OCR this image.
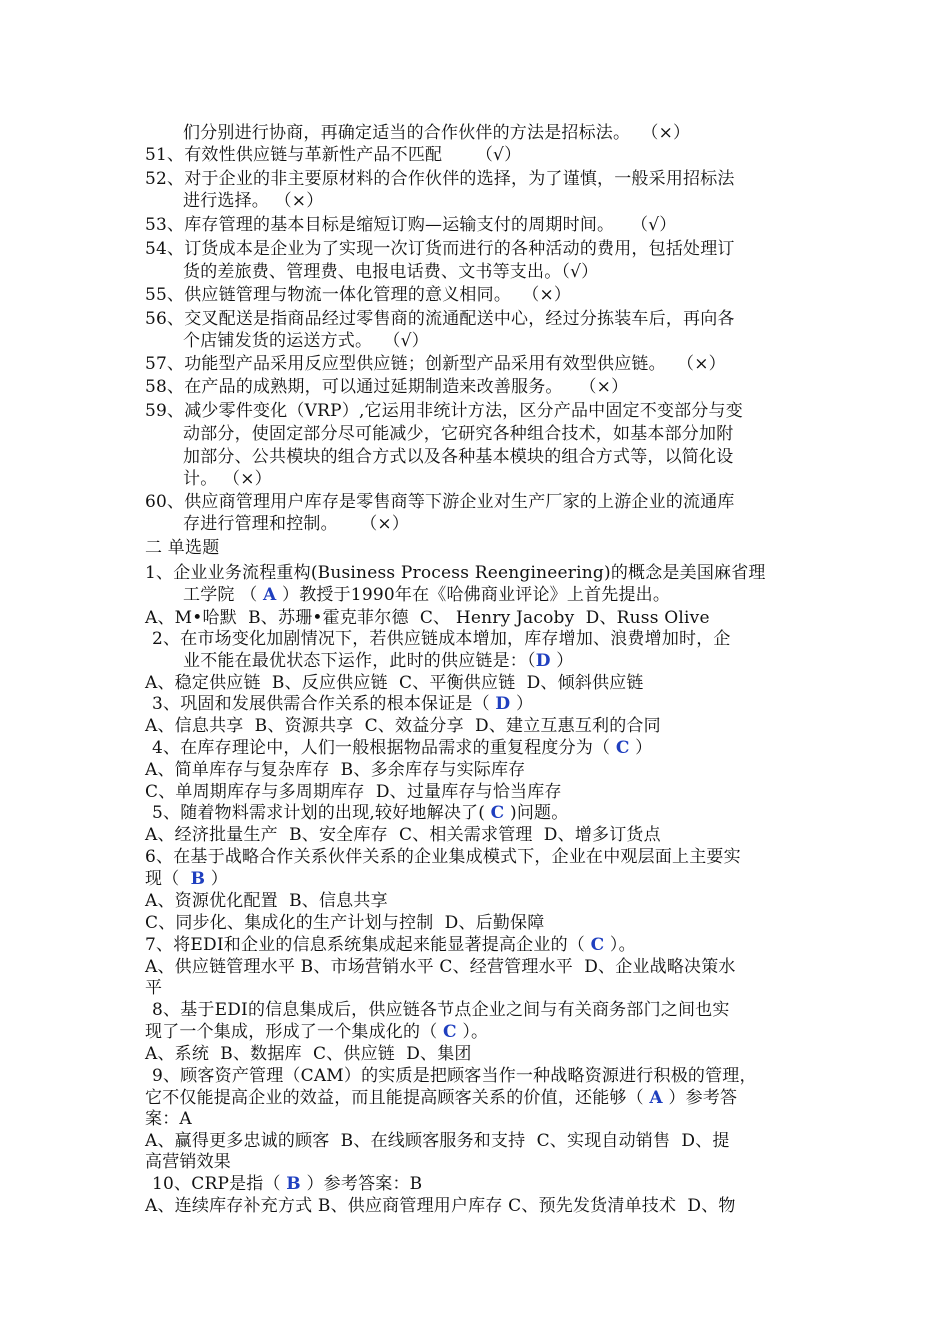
们分别进行协商，再确定适当的合作伙伴的方法是招标法。  （×）
51、有效性供应链与革新性产品不匹配      （√）
52、对于企业的非主要原材料的合作伙伴的选择，为了谨慎，一般采用招标法
进行选择。 （×）
53、库存管理的基本目标是缩短订购—运输支付的周期时间。   （√）
54、订货成本是企业为了实现一次订货而进行的各种活动的费用，包括处理订
货的差旅费、管理费、电报电话费、文书等支出。（√）
55、供应链管理与物流一体化管理的意义相同。  （×）
56、交叉配送是指商品经过零售商的流通配送中心，经过分拣装车后，再向各
个店铺发货的运送方式。  （√）
57、功能型产品采用反应型供应链；创新型产品采用有效型供应链。  （×）
58、在产品的成熟期，可以通过延期制造来改善服务。   （×）
59、减少零件变化（VRP）,它运用非统计方法，区分产品中固定不变部分与变
动部分，使固定部分尽可能减少，它研究各种组合技术，如基本部分加附
加部分、公共模块的组合方式以及各种基本模块的组合方式等，以简化设
计。 （×）
60、供应商管理用户库存是零售商等下游企业对生产厂家的上游企业的流通库
存进行管理和控制。    （×）
二 单选题
1、企业业务流程重构(Business Process Reengineering)的概念是美国麻省理
工学院 （ A ）教授于1990年在《哈佛商业评论》上首先提出。
A、M•哈默  B、苏珊•霍克菲尔德  C、 Henry Jacoby  D、Russ Olive
2、在市场变化加剧情况下，若供应链成本增加，库存增加、浪费增加时，企
业不能在最优状态下运作，此时的供应链是：（D ）
A、稳定供应链  B、反应供应链  C、平衡供应链  D、倾斜供应链
3、巩固和发展供需合作关系的根本保证是（ D ）
A、信息共享  B、资源共享  C、效益分享  D、建立互惠互利的合同
4、在库存理论中，人们一般根据物品需求的重复程度分为（ C ）
A、简单库存与复杂库存  B、多余库存与实际库存
C、单周期库存与多周期库存  D、过量库存与恰当库存
5、随着物料需求计划的出现,较好地解决了( C )问题。
A、经济批量生产  B、安全库存  C、相关需求管理  D、增多订货点
6、在基于战略合作关系伙伴关系的企业集成模式下，企业在中观层面上主要实
现（  B ）
A、资源优化配置  B、信息共享
C、同步化、集成化的生产计划与控制  D、后勤保障
7、将EDI和企业的信息系统集成起来能显著提高企业的（ C ）。
A、供应链管理水平 B、市场营销水平 C、经营管理水平  D、企业战略决策水
平
8、基于EDI的信息集成后，供应链各节点企业之间与有关商务部门之间也实
现了一个集成，形成了一个集成化的（ C ）。
A、系统  B、数据库  C、供应链  D、集团
9、顾客资产管理（CAM）的实质是把顾客当作一种战略资源进行积极的管理，
它不仅能提高企业的效益，而且能提高顾客关系的价值，还能够（ A ）参考答
案：A
A、赢得更多忠诚的顾客  B、在线顾客服务和支持  C、实现自动销售  D、提
高营销效果
10、CRP是指（ B ）参考答案：B
A、连续库存补充方式 B、供应商管理用户库存 C、预先发货清单技术  D、物
